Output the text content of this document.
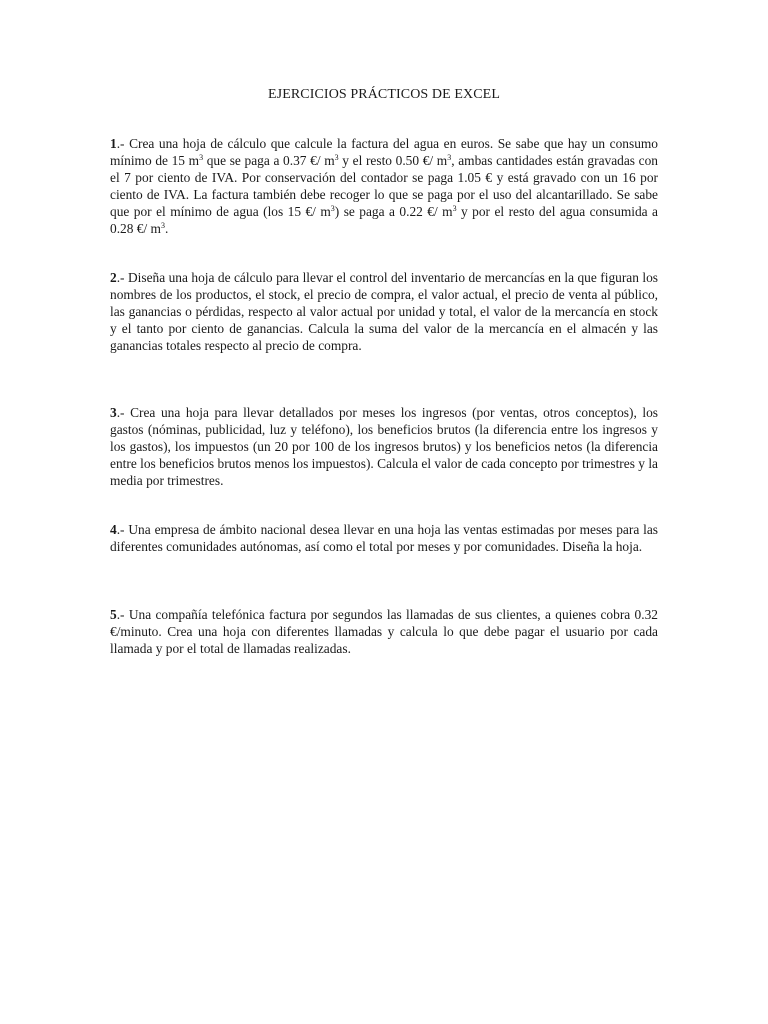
EJERCICIOS PRÁCTICOS DE EXCEL

1.- Crea una hoja de cálculo que calcule la factura del agua en euros. Se sabe que hay un consumo mínimo de 15 $m^3$ que se paga a 0.37 €/ $m^3$ y el resto 0.50 €/ $m^3$, ambas cantidades están gravadas con el 7 por ciento de IVA. Por conservación del contador se paga 1.05 € y está gravado con un 16 por ciento de IVA. La factura también debe recoger lo que se paga por el uso del alcantarillado. Se sabe que por el mínimo de agua (los 15 €/ $m^3$) se paga a 0.22 €/ $m^3$ y por el resto del agua consumida a 0.28 €/ $m^3$.

2.- Diseña una hoja de cálculo para llevar el control del inventario de mercancías en la que figuran los nombres de los productos, el stock, el precio de compra, el valor actual, el precio de venta al público, las ganancias o pérdidas, respecto al valor actual por unidad y total, el valor de la mercancía en stock y el tanto por ciento de ganancias. Calcula la suma del valor de la mercancía en el almacén y las ganancias totales respecto al precio de compra.

3.- Crea una hoja para llevar detallados por meses los ingresos (por ventas, otros conceptos), los gastos (nóminas, publicidad, luz y teléfono), los beneficios brutos (la diferencia entre los ingresos y los gastos), los impuestos (un 20 por 100 de los ingresos brutos) y los beneficios netos (la diferencia entre los beneficios brutos menos los impuestos). Calcula el valor de cada concepto por trimestres y la media por trimestres.

4.- Una empresa de ámbito nacional desea llevar en una hoja las ventas estimadas por meses para las diferentes comunidades autónomas, así como el total por meses y por comunidades. Diseña la hoja.

5.- Una compañía telefónica factura por segundos las llamadas de sus clientes, a quienes cobra 0.32 €/minuto. Crea una hoja con diferentes llamadas y calcula lo que debe pagar el usuario por cada llamada y por el total de llamadas realizadas.
